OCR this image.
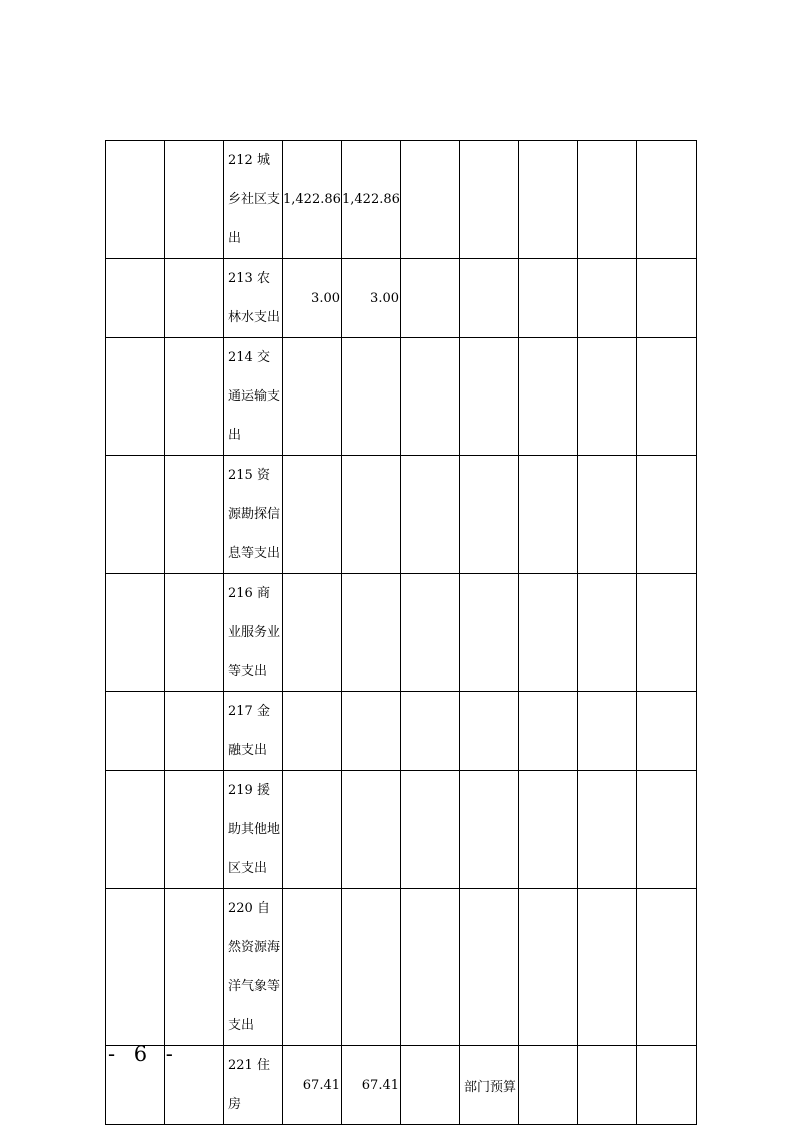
		212 城乡社区支出	1,422.86	1,422.86					
		213 农林水支出	3.00	3.00					
		214 交通运输支出							
		215 资源勘探信息等支出							
		216 商业服务业等支出							
		217 金融支出							
		219 援助其他地区支出							
		220 自然资源海洋气象等支出							
		221 住房	67.41	67.41		部门预算			
- 6 -
